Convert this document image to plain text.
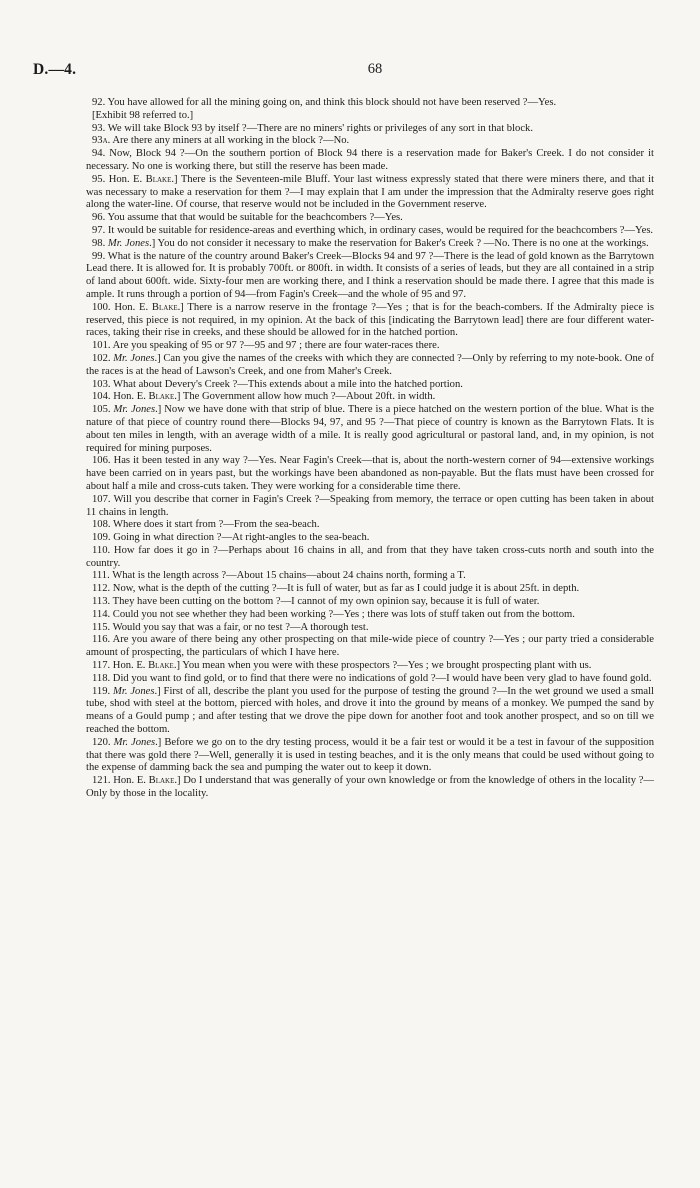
D.—4.	68

92. You have allowed for all the mining going on, and think this block should not have been reserved ?—Yes.

[Exhibit 98 referred to.]

93. We will take Block 93 by itself ?—There are no miners' rights or privileges of any sort in that block.

93a. Are there any miners at all working in the block ?—No.

94. Now, Block 94 ?—On the southern portion of Block 94 there is a reservation made for Baker's Creek. I do not consider it necessary. No one is working there, but still the reserve has been made.

95. Hon. E. Blake.] There is the Seventeen-mile Bluff. Your last witness expressly stated that there were miners there, and that it was necessary to make a reservation for them ?—I may explain that I am under the impression that the Admiralty reserve goes right along the water-line. Of course, that reserve would not be included in the Government reserve.

96. You assume that that would be suitable for the beachcombers ?—Yes.

97. It would be suitable for residence-areas and everthing which, in ordinary cases, would be required for the beachcombers ?—Yes.

98. Mr. Jones.] You do not consider it necessary to make the reservation for Baker's Creek ? —No. There is no one at the workings.

99. What is the nature of the country around Baker's Creek—Blocks 94 and 97 ?—There is the lead of gold known as the Barrytown Lead there. It is allowed for. It is probably 700ft. or 800ft. in width. It consists of a series of leads, but they are all contained in a strip of land about 600ft. wide. Sixty-four men are working there, and I think a reservation should be made there. I agree that this made is ample. It runs through a portion of 94—from Fagin's Creek—and the whole of 95 and 97.

100. Hon. E. Blake.] There is a narrow reserve in the frontage ?—Yes ; that is for the beach-combers. If the Admiralty piece is reserved, this piece is not required, in my opinion. At the back of this [indicating the Barrytown lead] there are four different water-races, taking their rise in creeks, and these should be allowed for in the hatched portion.

101. Are you speaking of 95 or 97 ?—95 and 97 ; there are four water-races there.

102. Mr. Jones.] Can you give the names of the creeks with which they are connected ?—Only by referring to my note-book. One of the races is at the head of Lawson's Creek, and one from Maher's Creek.

103. What about Devery's Creek ?—This extends about a mile into the hatched portion.

104. Hon. E. Blake.] The Government allow how much ?—About 20ft. in width.

105. Mr. Jones.] Now we have done with that strip of blue. There is a piece hatched on the western portion of the blue. What is the nature of that piece of country round there—Blocks 94, 97, and 95 ?—That piece of country is known as the Barrytown Flats. It is about ten miles in length, with an average width of a mile. It is really good agricultural or pastoral land, and, in my opinion, is not required for mining purposes.

106. Has it been tested in any way ?—Yes. Near Fagin's Creek—that is, about the north-western corner of 94—extensive workings have been carried on in years past, but the workings have been abandoned as non-payable. But the flats must have been crossed for about half a mile and cross-cuts taken. They were working for a considerable time there.

107. Will you describe that corner in Fagin's Creek ?—Speaking from memory, the terrace or open cutting has been taken in about 11 chains in length.

108. Where does it start from ?—From the sea-beach.

109. Going in what direction ?—At right-angles to the sea-beach.

110. How far does it go in ?—Perhaps about 16 chains in all, and from that they have taken cross-cuts north and south into the country.

111. What is the length across ?—About 15 chains—about 24 chains north, forming a T.

112. Now, what is the depth of the cutting ?—It is full of water, but as far as I could judge it is about 25ft. in depth.

113. They have been cutting on the bottom ?—I cannot of my own opinion say, because it is full of water.

114. Could you not see whether they had been working ?—Yes ; there was lots of stuff taken out from the bottom.

115. Would you say that was a fair, or no test ?—A thorough test.

116. Are you aware of there being any other prospecting on that mile-wide piece of country ?—Yes ; our party tried a considerable amount of prospecting, the particulars of which I have here.

117. Hon. E. Blake.] You mean when you were with these prospectors ?—Yes ; we brought prospecting plant with us.

118. Did you want to find gold, or to find that there were no indications of gold ?—I would have been very glad to have found gold.

119. Mr. Jones.] First of all, describe the plant you used for the purpose of testing the ground ?—In the wet ground we used a small tube, shod with steel at the bottom, pierced with holes, and drove it into the ground by means of a monkey. We pumped the sand by means of a Gould pump ; and after testing that we drove the pipe down for another foot and took another prospect, and so on till we reached the bottom.

120. Mr. Jones.] Before we go on to the dry testing process, would it be a fair test or would it be a test in favour of the supposition that there was gold there ?—Well, generally it is used in testing beaches, and it is the only means that could be used without going to the expense of damming back the sea and pumping the water out to keep it down.

121. Hon. E. Blake.] Do I understand that was generally of your own knowledge or from the knowledge of others in the locality ?—Only by those in the locality.
